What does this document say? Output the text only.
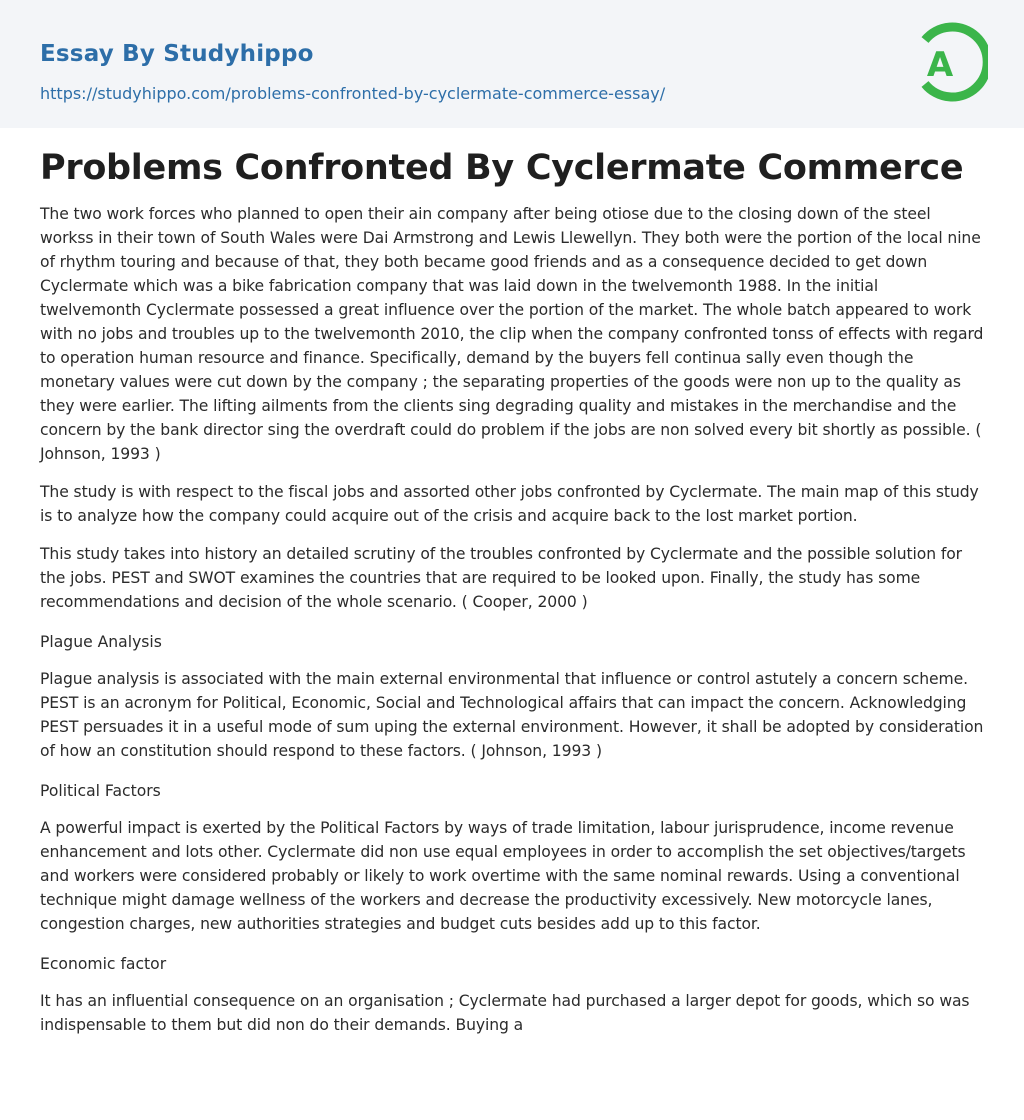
Essay By Studyhippo
https://studyhippo.com/problems-confronted-by-cyclermate-commerce-essay/
A
Problems Confronted By Cyclermate Commerce

The two work forces who planned to open their ain company after being otiose due to the closing down of the steel workss in their town of South Wales were Dai Armstrong and Lewis Llewellyn. They both were the portion of the local nine of rhythm touring and because of that, they both became good friends and as a consequence decided to get down Cyclermate which was a bike fabrication company that was laid down in the twelvemonth 1988. In the initial twelvemonth Cyclermate possessed a great influence over the portion of the market. The whole batch appeared to work with no jobs and troubles up to the twelvemonth 2010, the clip when the company confronted tonss of effects with regard to operation human resource and finance. Specifically, demand by the buyers fell continua sally even though the monetary values were cut down by the company ; the separating properties of the goods were non up to the quality as they were earlier. The lifting ailments from the clients sing degrading quality and mistakes in the merchandise and the concern by the bank director sing the overdraft could do problem if the jobs are non solved every bit shortly as possible. ( Johnson, 1993 )

The study is with respect to the fiscal jobs and assorted other jobs confronted by Cyclermate. The main map of this study is to analyze how the company could acquire out of the crisis and acquire back to the lost market portion.

This study takes into history an detailed scrutiny of the troubles confronted by Cyclermate and the possible solution for the jobs. PEST and SWOT examines the countries that are required to be looked upon. Finally, the study has some recommendations and decision of the whole scenario. ( Cooper, 2000 )

Plague Analysis

Plague analysis is associated with the main external environmental that influence or control astutely a concern scheme. PEST is an acronym for Political, Economic, Social and Technological affairs that can impact the concern. Acknowledging PEST persuades it in a useful mode of sum uping the external environment. However, it shall be adopted by consideration of how an constitution should respond to these factors. ( Johnson, 1993 )

Political Factors

A powerful impact is exerted by the Political Factors by ways of trade limitation, labour jurisprudence, income revenue enhancement and lots other. Cyclermate did non use equal employees in order to accomplish the set objectives/targets and workers were considered probably or likely to work overtime with the same nominal rewards. Using a conventional technique might damage wellness of the workers and decrease the productivity excessively. New motorcycle lanes, congestion charges, new authorities strategies and budget cuts besides add up to this factor.

Economic factor

It has an influential consequence on an organisation ; Cyclermate had purchased a larger depot for goods, which so was indispensable to them but did non do their demands. Buying a
